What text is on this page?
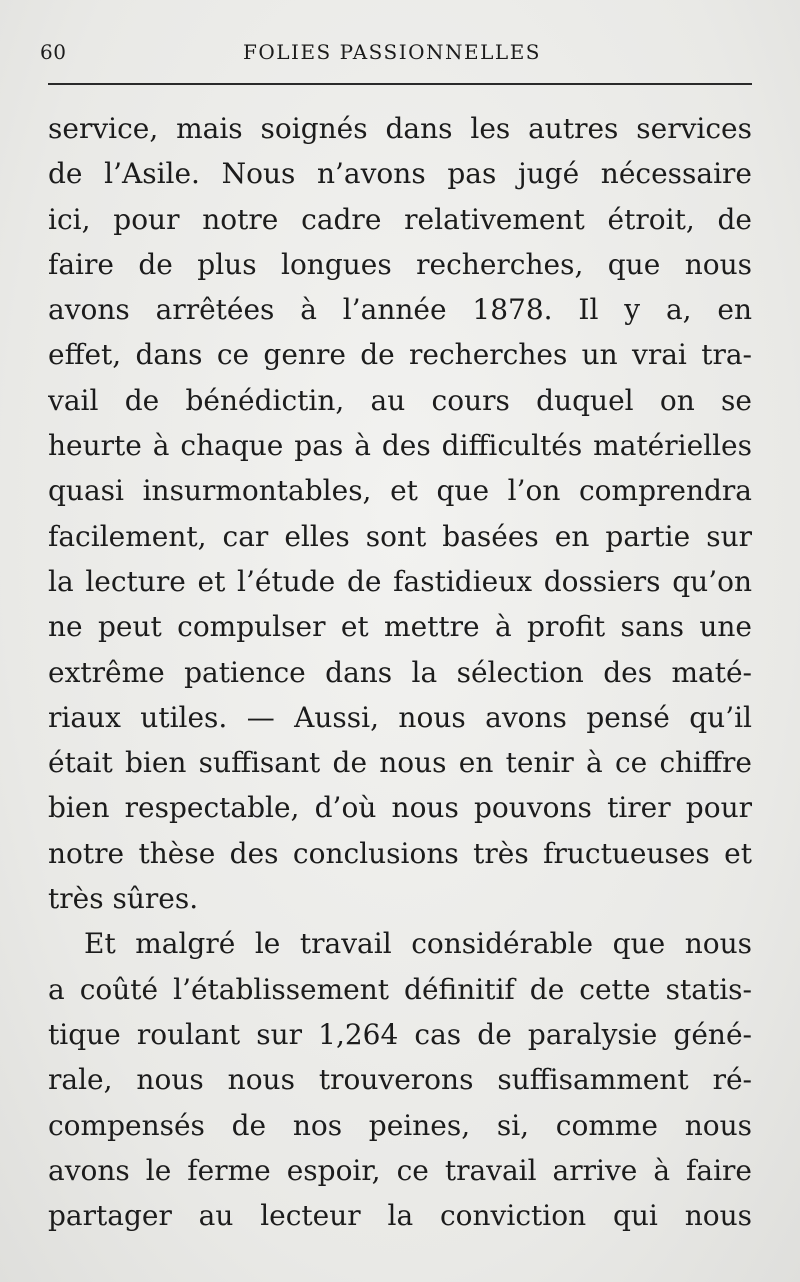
60	FOLIES PASSIONNELLES
service, mais soignés dans les autres services
de l’Asile. Nous n’avons pas jugé nécessaire
ici, pour notre cadre relativement étroit, de
faire de plus longues recherches, que nous
avons arrêtées à l’année 1878. Il y a, en
effet, dans ce genre de recherches un vrai tra-
vail de bénédictin, au cours duquel on se
heurte à chaque pas à des difficultés matérielles
quasi insurmontables, et que l’on comprendra
facilement, car elles sont basées en partie sur
la lecture et l’étude de fastidieux dossiers qu’on
ne peut compulser et mettre à profit sans une
extrême patience dans la sélection des maté-
riaux utiles. — Aussi, nous avons pensé qu’il
était bien suffisant de nous en tenir à ce chiffre
bien respectable, d’où nous pouvons tirer pour
notre thèse des conclusions très fructueuses et
très sûres.
Et malgré le travail considérable que nous
a coûté l’établissement définitif de cette statis-
tique roulant sur 1,264 cas de paralysie géné-
rale, nous nous trouverons suffisamment ré-
compensés de nos peines, si, comme nous
avons le ferme espoir, ce travail arrive à faire
partager au lecteur la conviction qui nous
